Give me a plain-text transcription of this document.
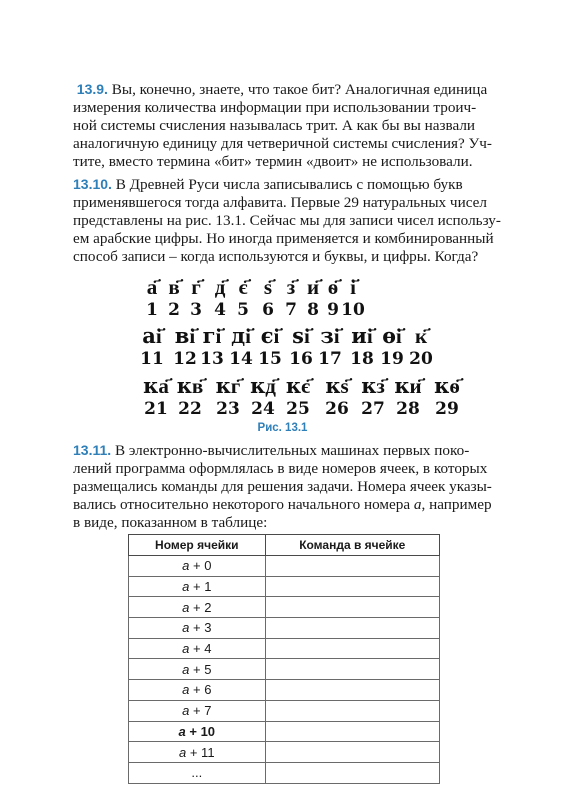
13.9. Вы, конечно, знаете, что такое бит? Аналогичная единица
измерения количества информации при использовании троич-
ной системы счисления называлась трит. А как бы вы назвали
аналогичную единицу для четверичной системы счисления? Уч-
тите, вместо термина «бит» термин «двоит» не использовали.
13.10. В Древней Руси числа записывались с помощью букв
применявшегося тогда алфавита. Первые 29 натуральных чисел
представлены на рис. 13.1. Сейчас мы для записи чисел использу-
ем арабские цифры. Но иногда применяется и комбинированный
способ записи – когда используются и буквы, и цифры. Когда?
а҃ в҃ г҃ д҃ є҃ ѕ҃ з҃ и҃ ѳ҃ і҃
1 2 3 4 5 6 7 8 9 10
аі҃ ві҃ гі҃ ді҃ єі҃ ѕі҃ зі҃ иі҃ ѳі҃ к҃
11 12 13 14 15 16 17 18 19 20
ка҃ кв҃ кг҃ кд҃ кє҃ кѕ҃ кз҃ ки҃ кѳ҃
21 22 23 24 25 26 27 28 29
Рис. 13.1
13.11. В электронно-вычислительных машинах первых поко-
лений программа оформлялась в виде номеров ячеек, в которых
размещались команды для решения задачи. Номера ячеек указы-
вались относительно некоторого начального номера a, например
в виде, показанном в таблице:
Номер ячейки	Команда в ячейке
a + 0	
a + 1	
a + 2	
a + 3	
a + 4	
a + 5	
a + 6	
a + 7	
a + 10	
a + 11	
...	
